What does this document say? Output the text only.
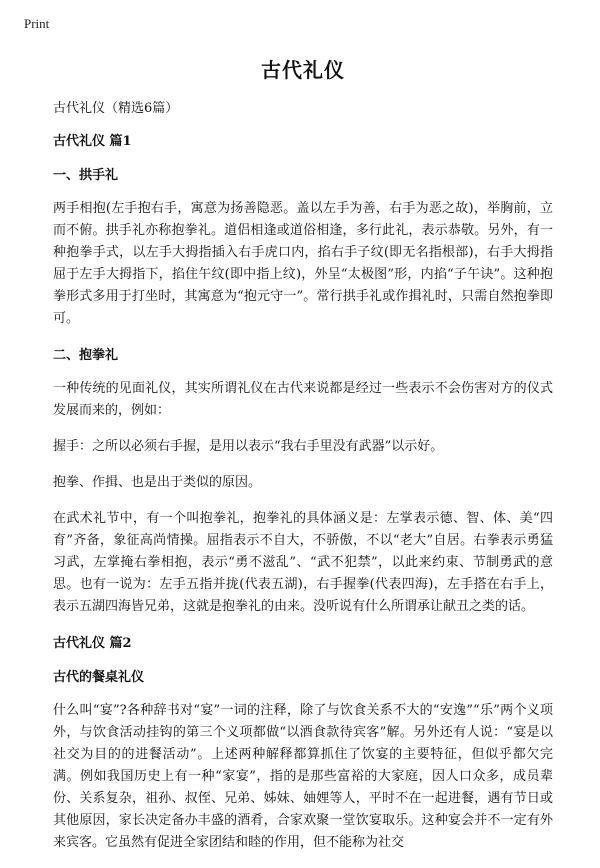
Print
古代礼仪
古代礼仪（精选6篇）
古代礼仪 篇1
一、拱手礼

两手相抱(左手抱右手，寓意为扬善隐恶。盖以左手为善，右手为恶之故)，举胸前，立而不俯。拱手礼亦称抱拳礼。道侣相逢或道俗相逢，多行此礼，表示恭敬。另外，有一种抱拳手式，以左手大拇指插入右手虎口内，掐右手子纹(即无名指根部)，右手大拇指屈于左手大拇指下，掐住午纹(即中指上纹)，外呈“太极图”形，内掐“子午诀”。这种抱拳形式多用于打坐时，其寓意为“抱元守一”。常行拱手礼或作揖礼时，只需自然抱拳即可。

二、抱拳礼

一种传统的见面礼仪，其实所谓礼仪在古代来说都是经过一些表示不会伤害对方的仪式发展而来的，例如：

握手：之所以必须右手握，是用以表示“我右手里没有武器”以示好。

抱拳、作揖、也是出于类似的原因。

在武术礼节中，有一个叫抱拳礼，抱拳礼的具体涵义是：左掌表示德、智、体、美“四育”齐备，象征高尚情操。屈指表示不自大，不骄傲，不以“老大”自居。右拳表示勇猛习武，左掌掩右拳相抱，表示“勇不滋乱”、“武不犯禁”，以此来约束、节制勇武的意思。也有一说为：左手五指并拢(代表五湖)，右手握拳(代表四海)，左手搭在右手上，表示五湖四海皆兄弟，这就是抱拳礼的由来。没听说有什么所谓承让献丑之类的话。

古代礼仪 篇2
古代的餐桌礼仪

什么叫“宴”?各种辞书对“宴”一词的注释，除了与饮食关系不大的“安逸”“乐”两个义项外，与饮食活动挂钩的第三个义项都做“以酒食款待宾客”解。另外还有人说：“宴是以社交为目的的进餐活动”。上述两种解释都算抓住了饮宴的主要特征，但似乎都欠完满。例如我国历史上有一种“家宴”，指的是那些富裕的大家庭，因人口众多，成员辈份、关系复杂，祖孙、叔侄、兄弟、姊妹、妯娌等人，平时不在一起进餐，遇有节日或其他原因，家长决定备办丰盛的酒肴，合家欢聚一堂饮宴取乐。这种宴会并不一定有外来宾客。它虽然有促进全家团结和睦的作用，但不能称为社交
